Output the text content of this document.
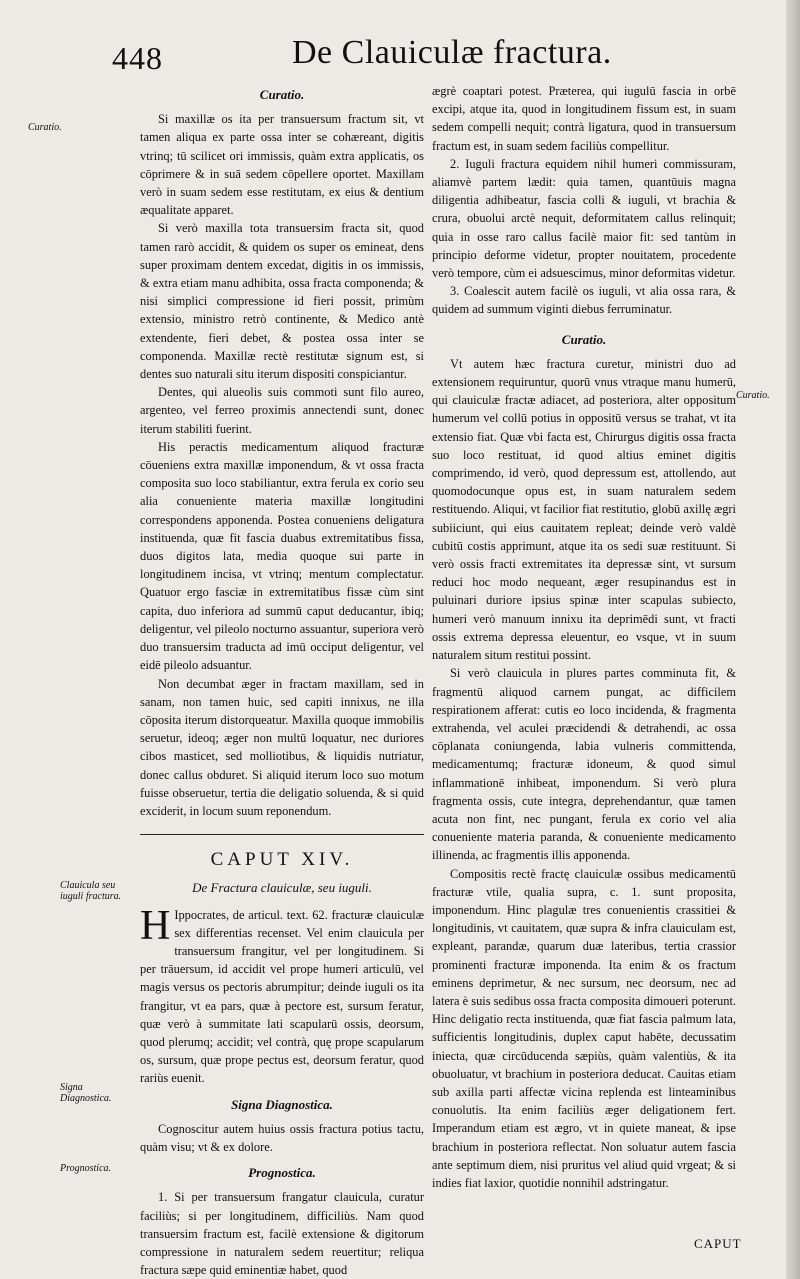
448	De Clauiculæ fractura.
Curatio.
Clauicula seu iuguli fractura.
Signa Diagnostica.
Prognostica.
Curatio.
Curatio.

Si maxillæ os ita per transuersum fractum sit, vt tamen aliqua ex parte ossa inter se cohæreant, digitis vtrinq; tū scilicet ori immissis, quàm extra applicatis, os cōprimere & in suā sedem cōpellere oportet. Maxillam verò in suam sedem esse restitutam, ex eius & dentium æqualitate apparet.

Si verò maxilla tota transuersim fracta sit, quod tamen rarò accidit, & quidem os super os emineat, dens super proximam dentem excedat, digitis in os immissis, & extra etiam manu adhibita, ossa fracta componenda; & nisi simplici compressione id fieri possit, primùm extensio, ministro retrò continente, & Medico antè extendente, fieri debet, & postea ossa inter se componenda. Maxillæ rectè restitutæ signum est, si dentes suo naturali situ iterum dispositi conspiciantur.

Dentes, qui alueolis suis commoti sunt filo aureo, argenteo, vel ferreo proximis annectendi sunt, donec iterum stabiliti fuerint.

His peractis medicamentum aliquod fracturæ cōueniens extra maxillæ imponendum, & vt ossa fracta composita suo loco stabiliantur, extra ferula ex corio seu alia conueniente materia maxillæ longitudini correspondens apponenda. Postea conueniens deligatura instituenda, quæ fit fascia duabus extremitatibus fissa, duos digitos lata, media quoque sui parte in longitudinem incisa, vt vtrinq; mentum complectatur. Quatuor ergo fasciæ in extremitatibus fissæ cùm sint capita, duo inferiora ad summū caput deducantur, ibiq; deligentur, vel pileolo nocturno assuantur, superiora verò duo transuersim traducta ad imū occiput deligentur, vel eidē pileolo adsuantur.

Non decumbat æger in fractam maxillam, sed in sanam, non tamen huic, sed capiti innixus, ne illa cōposita iterum distorqueatur. Maxilla quoque immobilis seruetur, ideoq; æger non multū loquatur, nec duriores cibos masticet, sed molliotibus, & liquidis nutriatur, donec callus obduret. Si aliquid iterum loco suo motum fuisse obseruetur, tertia die deligatio soluenda, & si quid exciderit, in locum suum reponendum.

CAPUT XIV.
De Fractura clauiculæ, seu iuguli.

H Ippocrates, de articul. text. 62. fracturæ clauiculæ sex differentias recenset. Vel enim clauicula per transuersum frangitur, vel per longitudinem. Si per trāuersum, id accidit vel prope humeri articulū, vel magis versus os pectoris abrumpitur; deinde iuguli os ita frangitur, vt ea pars, quæ à pectore est, sursum feratur, quæ verò à summitate lati scapularū ossis, deorsum, quod plerumq; accidit; vel contrà, quę prope scapularum os, sursum, quæ prope pectus est, deorsum feratur, quod rariùs euenit.

Signa Diagnostica.

Cognoscitur autem huius ossis fractura potius tactu, quàm visu; vt & ex dolore.

Prognostica.

1. Si per transuersum frangatur clauicula, curatur faciliùs; si per longitudinem, difficiliùs. Nam quod transuersim fractum est, facilè extensione & digitorum compressione in naturalem sedem reuertitur; reliqua fractura sæpe quid eminentiæ habet, quod

ægrè coaptari potest. Præterea, qui iugulū fascia in orbē excipi, atque ita, quod in longitudinem fissum est, in suam sedem compelli nequit; contrà ligatura, quod in transuersum fractum est, in suam sedem faciliùs compellitur.

2. Iuguli fractura equidem nihil humeri commissuram, aliamvè partem lædit: quia tamen, quantūuis magna diligentia adhibeatur, fascia colli & iuguli, vt brachia & crura, obuolui arctè nequit, deformitatem callus relinquit; quia in osse raro callus facilè maior fit: sed tantùm in principio deforme videtur, propter nouitatem, procedente verò tempore, cùm ei adsuescimus, minor deformitas videtur.

3. Coalescit autem facilè os iuguli, vt alia ossa rara, & quidem ad summum viginti diebus ferruminatur.

Curatio.

Vt autem hæc fractura curetur, ministri duo ad extensionem requiruntur, quorū vnus vtraque manu humerū, qui clauiculæ fractæ adiacet, ad posteriora, alter oppositum humerum vel collū potius in oppositū versus se trahat, vt ita extensio fiat. Quæ vbi facta est, Chirurgus digitis ossa fracta suo loco restituat, id quod altius eminet digitis comprimendo, id verò, quod depressum est, attollendo, aut quomodocunque opus est, in suam naturalem sedem restituendo. Aliqui, vt facilior fiat restitutio, globū axillę ægri subiiciunt, qui eius cauitatem repleat; deinde verò valdè cubitū costis apprimunt, atque ita os sedi suæ restituunt. Si verò ossis fracti extremitates ita depressæ sint, vt sursum reduci hoc modo nequeant, æger resupinandus est in puluinari duriore ipsius spinæ inter scapulas subiecto, humeri verò manuum innixu ita deprimēdi sunt, vt fracti ossis extrema depressa eleuentur, eo vsque, vt in suum naturalem situm restitui possint.

Si verò clauicula in plures partes comminuta fit, & fragmentū aliquod carnem pungat, ac difficilem respirationem afferat: cutis eo loco incidenda, & fragmenta extrahenda, vel aculei præcidendi & detrahendi, ac ossa cōplanata coniungenda, labia vulneris committenda, medicamentumq; fracturæ idoneum, & quod simul inflammationē inhibeat, imponendum. Si verò plura fragmenta ossis, cute integra, deprehendantur, quæ tamen acuta non fint, nec pungant, ferula ex corio vel alia conueniente materia paranda, & conueniente medicamento illinenda, ac fragmentis illis apponenda.

Compositis rectè fractę clauiculæ ossibus medicamentū fracturæ vtile, qualia supra, c. 1. sunt proposita, imponendum. Hinc plagulæ tres conuenientis crassitiei & longitudinis, vt cauitatem, quæ supra & infra clauiculam est, expleant, parandæ, quarum duæ lateribus, tertia crassior prominenti fracturæ imponenda. Ita enim & os fractum eminens deprimetur, & nec sursum, nec deorsum, nec ad latera è suis sedibus ossa fracta composita dimoueri poterunt. Hinc deligatio recta instituenda, quæ fiat fascia palmum lata, sufficientis longitudinis, duplex caput habēte, decussatim iniecta, quæ circūducenda sæpiùs, quàm valentiùs, & ita obuoluatur, vt brachium in posteriora deducat. Cauitas etiam sub axilla parti affectæ vicina replenda est linteaminibus conuolutis. Ita enim faciliùs æger deligationem fert. Imperandum etiam est ægro, vt in quiete maneat, & ipse brachium in posteriora reflectat. Non soluatur autem fascia ante septimum diem, nisi pruritus vel aliud quid vrgeat; & si indies fiat laxior, quotidie nonnihil adstringatur.

CAPUT
